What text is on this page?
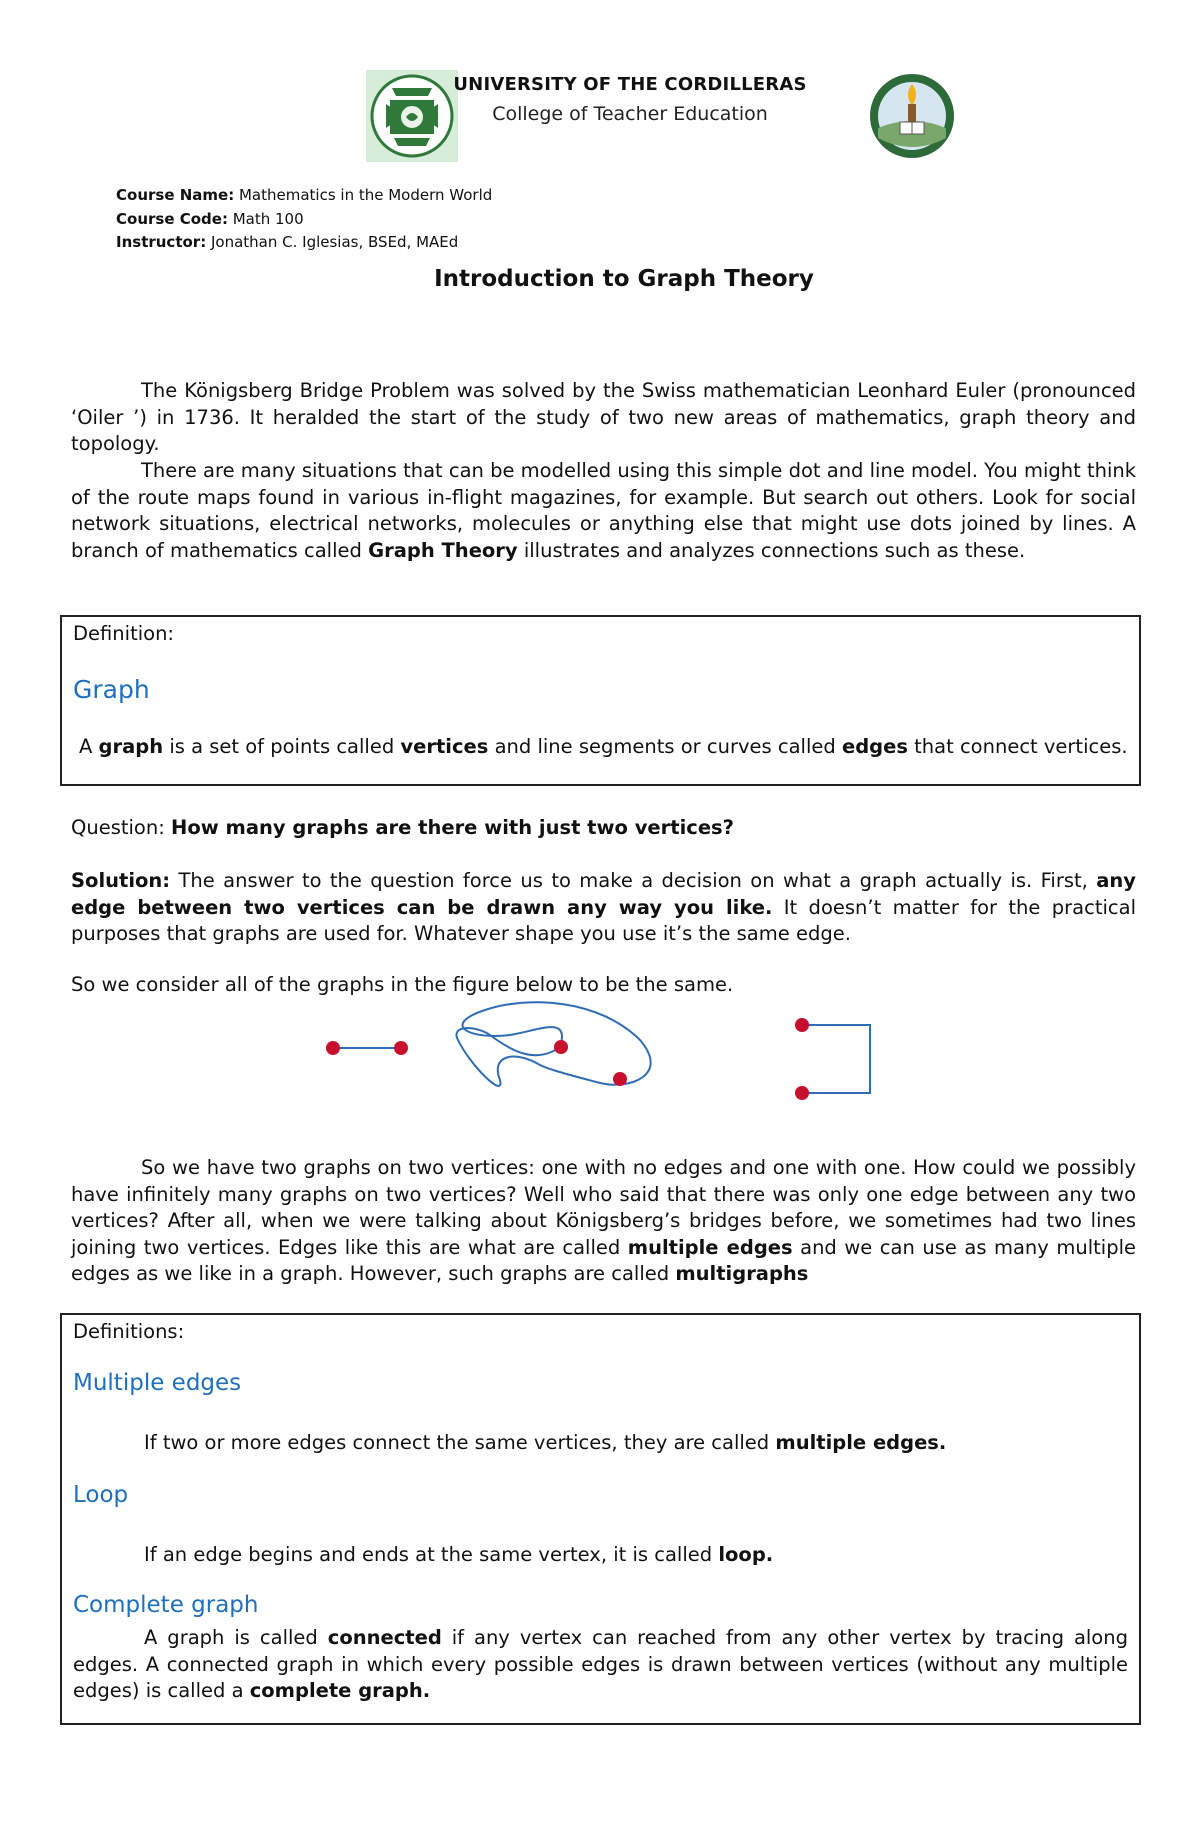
UNIVERSITY OF THE CORDILLERAS
College of Teacher Education
Course Name: Mathematics in the Modern World
Course Code: Math 100
Instructor: Jonathan C. Iglesias, BSEd, MAEd
Introduction to Graph Theory
The Königsberg Bridge Problem was solved by the Swiss mathematician Leonhard Euler (pronounced ‘Oiler ’) in 1736. It heralded the start of the study of two new areas of mathematics, graph theory and topology.
There are many situations that can be modelled using this simple dot and line model. You might think of the route maps found in various in-flight magazines, for example. But search out others. Look for social network situations, electrical networks, molecules or anything else that might use dots joined by lines. A branch of mathematics called Graph Theory illustrates and analyzes connections such as these.
Definition:
Graph
A graph is a set of points called vertices and line segments or curves called edges that connect vertices.
Question: How many graphs are there with just two vertices?
Solution: The answer to the question force us to make a decision on what a graph actually is. First, any edge between two vertices can be drawn any way you like. It doesn’t matter for the practical purposes that graphs are used for. Whatever shape you use it’s the same edge.
So we consider all of the graphs in the figure below to be the same.
So we have two graphs on two vertices: one with no edges and one with one. How could we possibly have infinitely many graphs on two vertices? Well who said that there was only one edge between any two vertices? After all, when we were talking about Königsberg’s bridges before, we sometimes had two lines joining two vertices. Edges like this are what are called multiple edges and we can use as many multiple edges as we like in a graph. However, such graphs are called multigraphs
Definitions:
Multiple edges
If two or more edges connect the same vertices, they are called multiple edges.
Loop
If an edge begins and ends at the same vertex, it is called loop.
Complete graph
A graph is called connected if any vertex can reached from any other vertex by tracing along edges. A connected graph in which every possible edges is drawn between vertices (without any multiple edges) is called a complete graph.
